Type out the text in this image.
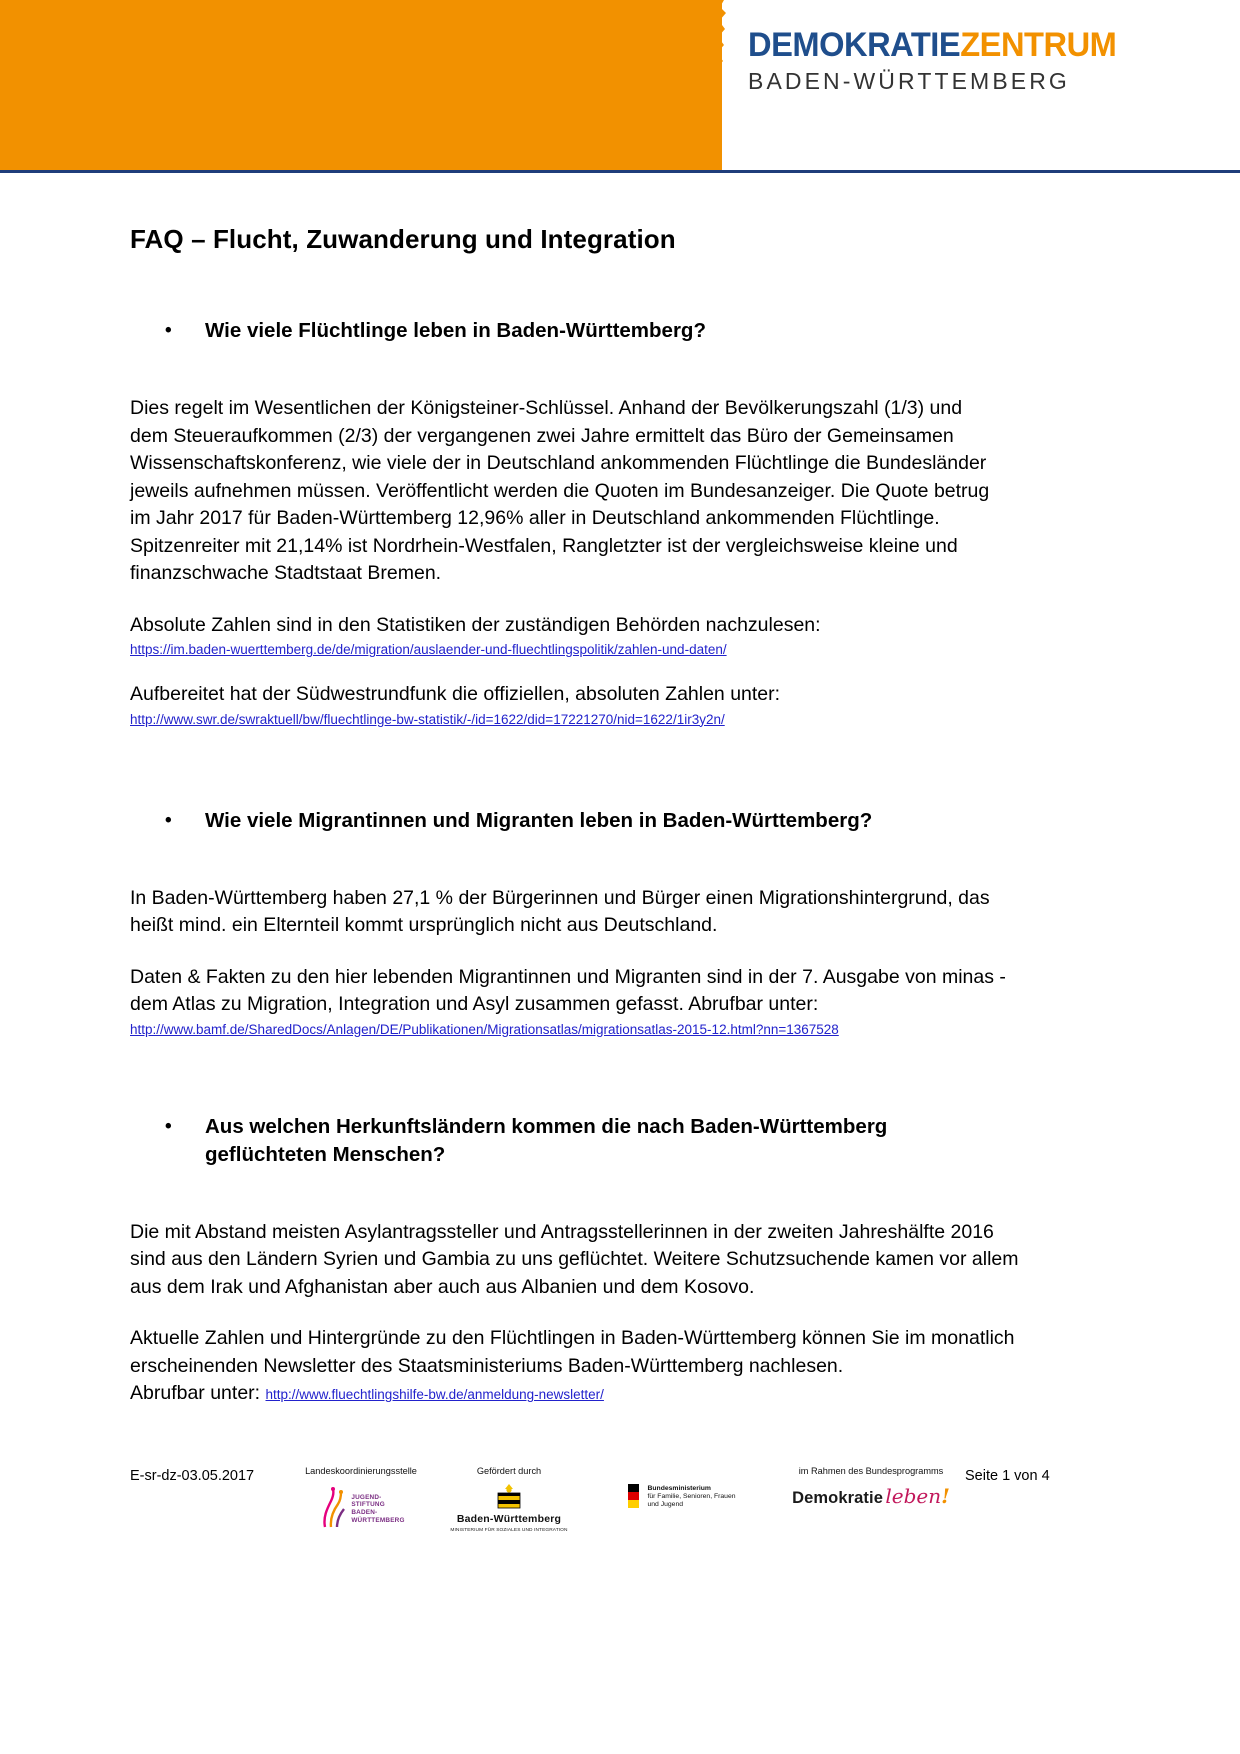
DEMOKRATIEZENTRUM
BADEN-WÜRTTEMBERG
FAQ – Flucht, Zuwanderung und Integration
•	Wie viele Flüchtlinge leben in Baden-Württemberg?

Dies regelt im Wesentlichen der Königsteiner-Schlüssel. Anhand der Bevölkerungszahl (1/3) und dem Steueraufkommen (2/3) der vergangenen zwei Jahre ermittelt das Büro der Gemeinsamen Wissenschaftskonferenz, wie viele der in Deutschland ankommenden Flüchtlinge die Bundesländer jeweils aufnehmen müssen. Veröffentlicht werden die Quoten im Bundesanzeiger. Die Quote betrug im Jahr 2017 für Baden-Württemberg 12,96% aller in Deutschland ankommenden Flüchtlinge. Spitzenreiter mit 21,14% ist Nordrhein-Westfalen, Rangletzter ist der vergleichsweise kleine und finanzschwache Stadtstaat Bremen.

Absolute Zahlen sind in den Statistiken der zuständigen Behörden nachzulesen:

https://im.baden-wuerttemberg.de/de/migration/auslaender-und-fluechtlingspolitik/zahlen-und-daten/

Aufbereitet hat der Südwestrundfunk die offiziellen, absoluten Zahlen unter:

http://www.swr.de/swraktuell/bw/fluechtlinge-bw-statistik/-/id=1622/did=17221270/nid=1622/1ir3y2n/
•	Wie viele Migrantinnen und Migranten leben in Baden-Württemberg?

In Baden-Württemberg haben 27,1 % der Bürgerinnen und Bürger einen Migrationshintergrund, das heißt mind. ein Elternteil kommt ursprünglich nicht aus Deutschland.

Daten & Fakten zu den hier lebenden Migrantinnen und Migranten sind in der 7. Ausgabe von minas - dem Atlas zu Migration, Integration und Asyl zusammen gefasst. Abrufbar unter:

http://www.bamf.de/SharedDocs/Anlagen/DE/Publikationen/Migrationsatlas/migrationsatlas-2015-12.html?nn=1367528
•	Aus welchen Herkunftsländern kommen die nach Baden-Württemberg geflüchteten Menschen?

Die mit Abstand meisten Asylantragssteller und Antragsstellerinnen in der zweiten Jahreshälfte 2016 sind aus den Ländern Syrien und Gambia zu uns geflüchtet. Weitere Schutzsuchende kamen vor allem aus dem Irak und Afghanistan aber auch aus Albanien und dem Kosovo.

Aktuelle Zahlen und Hintergründe zu den Flüchtlingen in Baden-Württemberg können Sie im monatlich erscheinenden Newsletter des Staatsministeriums Baden-Württemberg nachlesen.

Abrufbar unter: http://www.fluechtlingshilfe-bw.de/anmeldung-newsletter/

E-sr-dz-03.05.2017	Landeskoordinierungsstelle
JUGEND-
STIFTUNG
BADEN-
WÜRTTEMBERG
Gefördert durch
Baden-Württemberg
MINISTERIUM FÜR SOZIALES UND INTEGRATION
Bundesministerium
für Familie, Senioren, Frauen
und Jugend
im Rahmen des Bundesprogramms
Demokratie leben!
Seite 1 von 4
